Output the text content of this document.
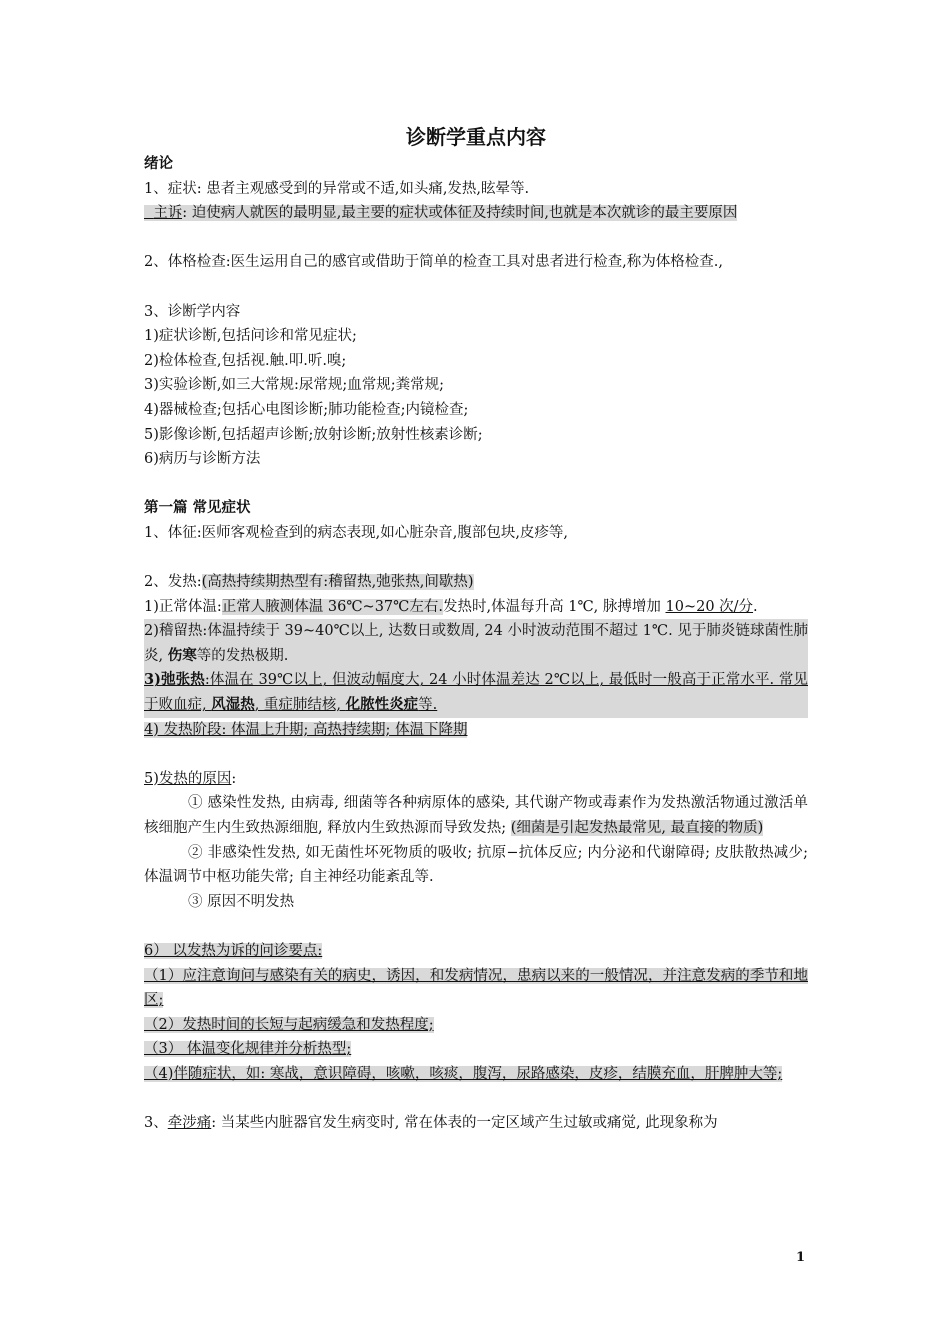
诊断学重点内容

绪论

1、症状: 患者主观感受到的异常或不适,如头痛,发热,眩晕等.

主诉: 迫使病人就医的最明显,最主要的症状或体征及持续时间,也就是本次就诊的最主要原因

2、体格检查:医生运用自己的感官或借助于简单的检查工具对患者进行检查,称为体格检查.,

3、诊断学内容

1)症状诊断,包括问诊和常见症状;

2)检体检查,包括视.触.叩.听.嗅;

3)实验诊断,如三大常规:尿常规;血常规;粪常规;

4)器械检查;包括心电图诊断;肺功能检查;内镜检查;

5)影像诊断,包括超声诊断;放射诊断;放射性核素诊断;

6)病历与诊断方法

第一篇 常见症状

1、体征:医师客观检查到的病态表现,如心脏杂音,腹部包块,皮疹等,

2、发热:(高热持续期热型有:稽留热,弛张热,间歇热)

1)正常体温:正常人腋测体温 36℃~37℃左右.发热时,体温每升高 1℃, 脉搏增加 10~20 次/分.

2)稽留热:体温持续于 39~40℃以上, 达数日或数周, 24 小时波动范围不超过 1℃. 见于肺炎链球菌性肺炎, 伤寒等的发热极期.

3)弛张热:体温在 39℃以上, 但波动幅度大, 24 小时体温差达 2℃以上, 最低时一般高于正常水平. 常见于败血症, 风湿热, 重症肺结核, 化脓性炎症等.

4) 发热阶段: 体温上升期; 高热持续期; 体温下降期

5)发热的原因:

① 感染性发热, 由病毒, 细菌等各种病原体的感染, 其代谢产物或毒素作为发热激活物通过激活单核细胞产生内生致热源细胞, 释放内生致热源而导致发热; (细菌是引起发热最常见, 最直接的物质)

② 非感染性发热, 如无菌性坏死物质的吸收; 抗原−抗体反应; 内分泌和代谢障碍; 皮肤散热减少; 体温调节中枢功能失常; 自主神经功能紊乱等.

③ 原因不明发热

6） 以发热为诉的问诊要点:

（1）应注意询问与感染有关的病史，诱因，和发病情况，患病以来的一般情况，并注意发病的季节和地区;

（2）发热时间的长短与起病缓急和发热程度;

（3） 体温变化规律并分析热型;

（4)伴随症状，如: 寒战，意识障碍，咳嗽，咳痰，腹泻，尿路感染，皮疹，结膜充血，肝脾肿大等;

3、牵涉痛: 当某些内脏器官发生病变时, 常在体表的一定区域产生过敏或痛觉, 此现象称为

1
